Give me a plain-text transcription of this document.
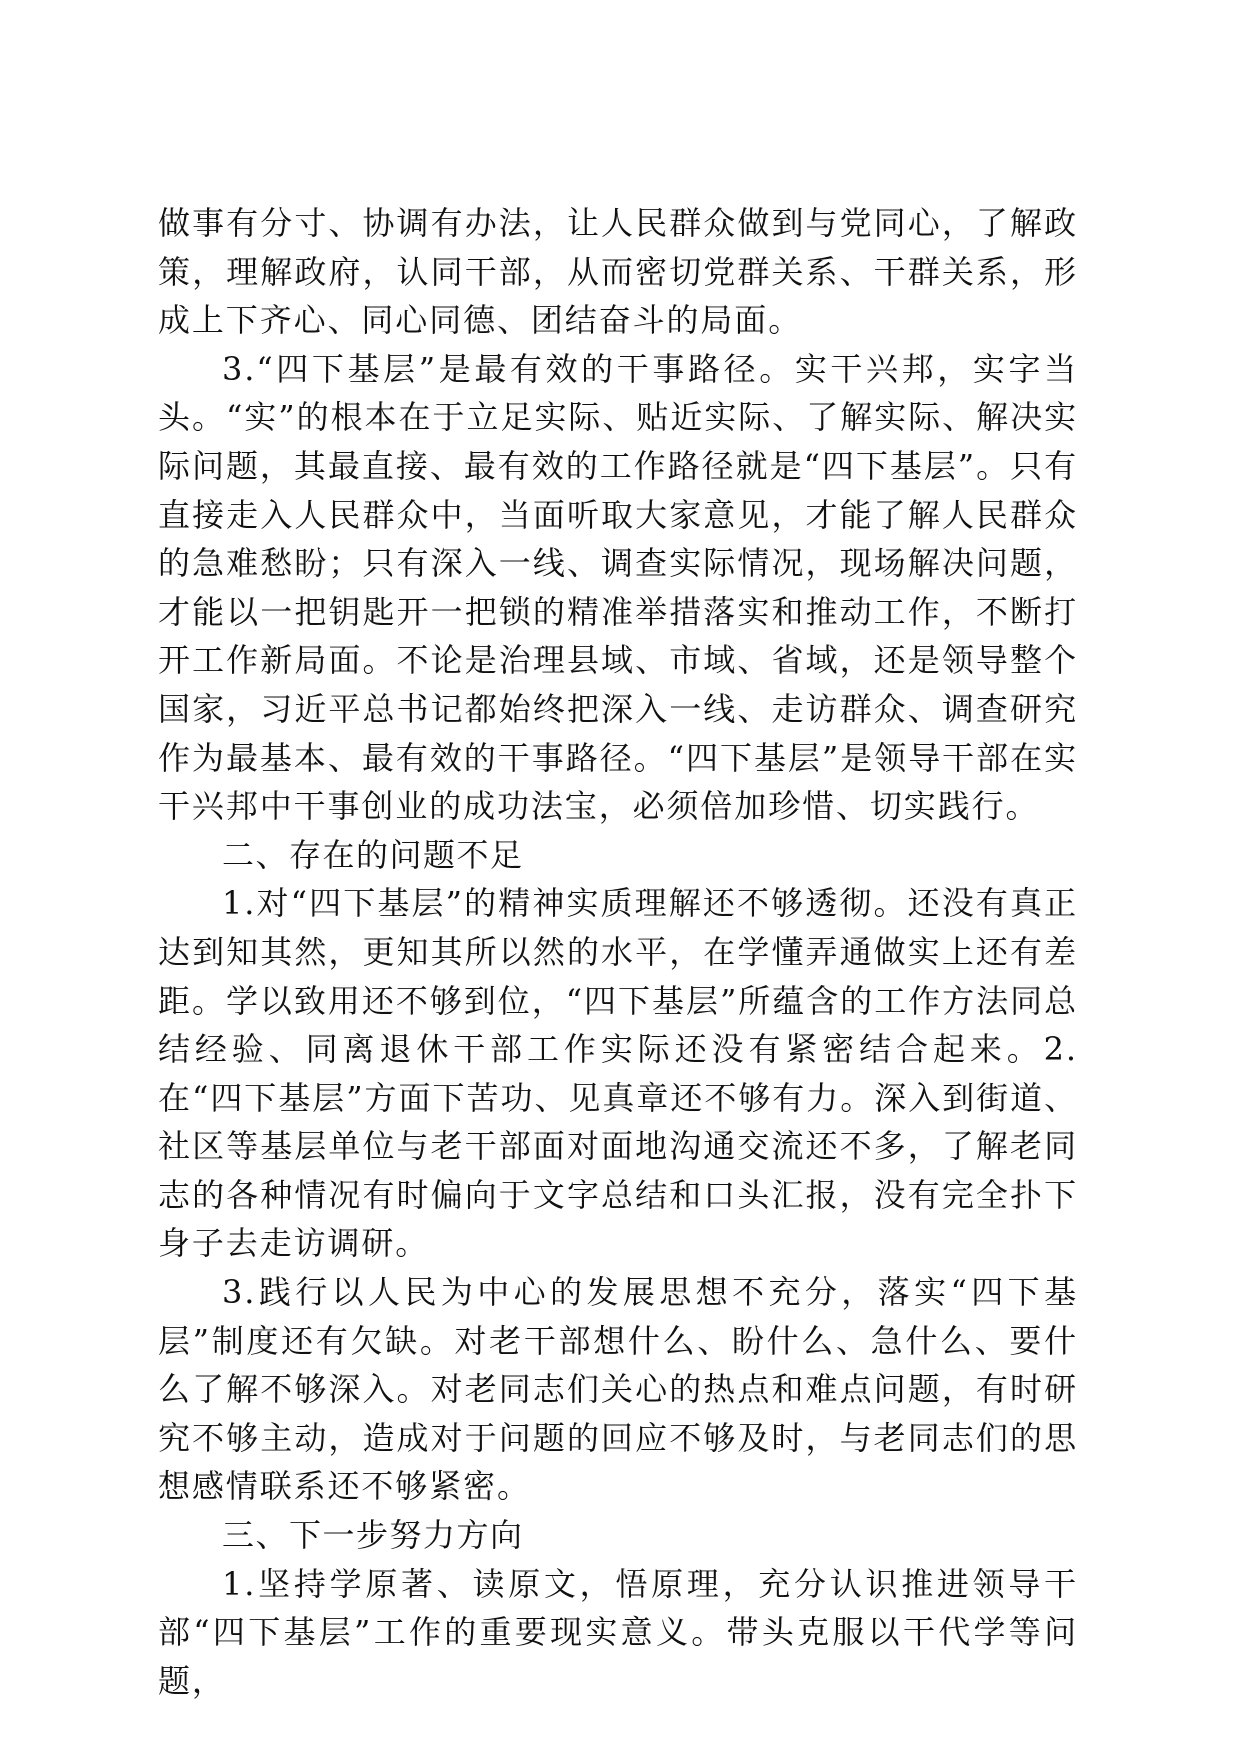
做事有分寸、协调有办法，让人民群众做到与党同心，了解政策，理解政府，认同干部，从而密切党群关系、干群关系，形成上下齐心、同心同德、团结奋斗的局面。

3.“四下基层”是最有效的干事路径。实干兴邦，实字当头。“实”的根本在于立足实际、贴近实际、了解实际、解决实际问题，其最直接、最有效的工作路径就是“四下基层”。只有直接走入人民群众中，当面听取大家意见，才能了解人民群众的急难愁盼；只有深入一线、调查实际情况，现场解决问题，才能以一把钥匙开一把锁的精准举措落实和推动工作，不断打开工作新局面。不论是治理县域、市域、省域，还是领导整个国家，习近平总书记都始终把深入一线、走访群众、调查研究作为最基本、最有效的干事路径。“四下基层”是领导干部在实干兴邦中干事创业的成功法宝，必须倍加珍惜、切实践行。

二、存在的问题不足

1.对“四下基层”的精神实质理解还不够透彻。还没有真正达到知其然，更知其所以然的水平，在学懂弄通做实上还有差距。学以致用还不够到位，“四下基层”所蕴含的工作方法同总结经验、同离退休干部工作实际还没有紧密结合起来。2.在“四下基层”方面下苦功、见真章还不够有力。深入到街道、社区等基层单位与老干部面对面地沟通交流还不多，了解老同志的各种情况有时偏向于文字总结和口头汇报，没有完全扑下身子去走访调研。

3.践行以人民为中心的发展思想不充分，落实“四下基层”制度还有欠缺。对老干部想什么、盼什么、急什么、要什么了解不够深入。对老同志们关心的热点和难点问题，有时研究不够主动，造成对于问题的回应不够及时，与老同志们的思想感情联系还不够紧密。

三、下一步努力方向

1.坚持学原著、读原文，悟原理，充分认识推进领导干部“四下基层”工作的重要现实意义。带头克服以干代学等问题，
